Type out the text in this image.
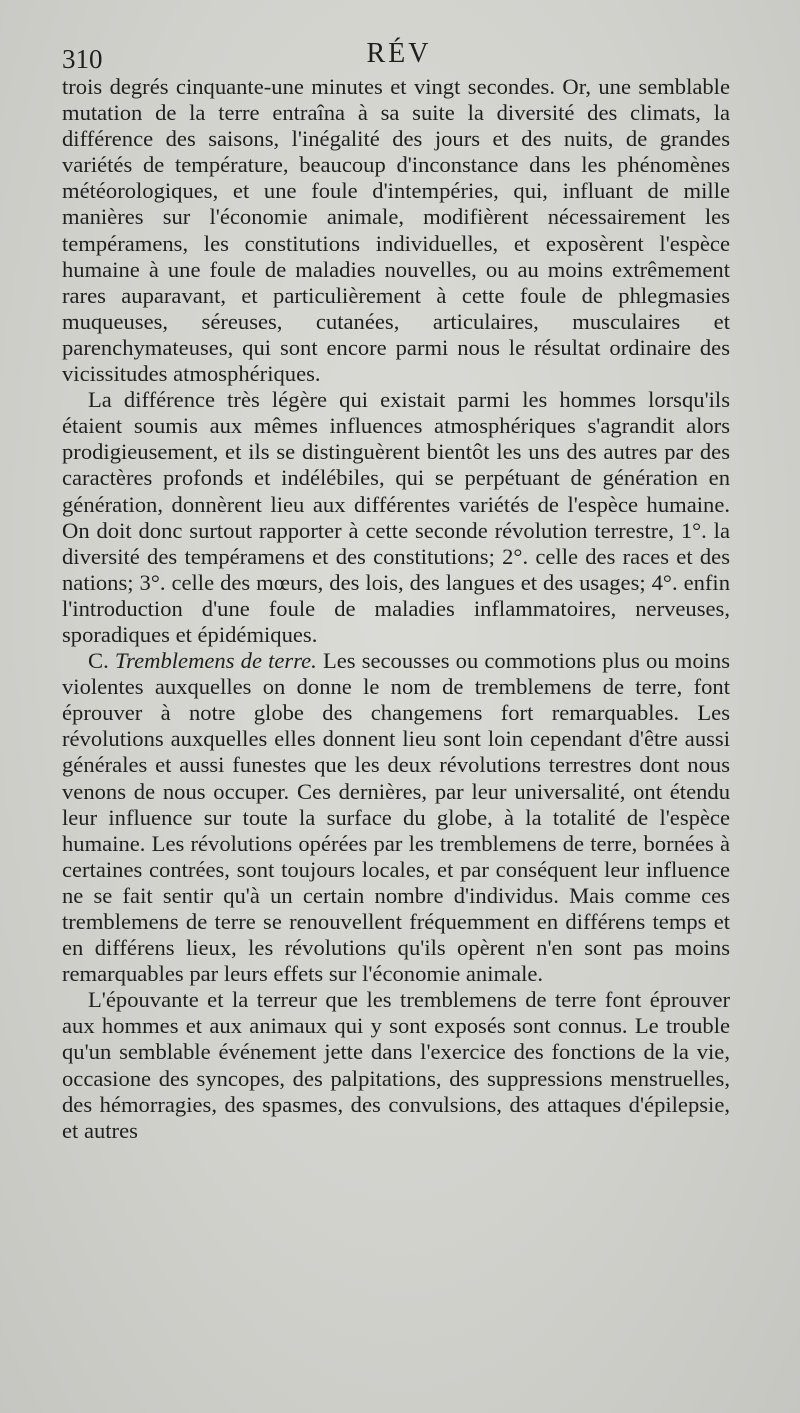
310	RÉV

trois degrés cinquante-une minutes et vingt secondes. Or, une semblable mutation de la terre entraîna à sa suite la diversité des climats, la différence des saisons, l'inégalité des jours et des nuits, de grandes variétés de température, beaucoup d'inconstance dans les phénomènes météorologiques, et une foule d'intempéries, qui, influant de mille manières sur l'économie animale, modifièrent nécessairement les tempéramens, les constitutions individuelles, et exposèrent l'espèce humaine à une foule de maladies nouvelles, ou au moins extrêmement rares auparavant, et particulièrement à cette foule de phlegmasies muqueuses, séreuses, cutanées, articulaires, musculaires et parenchymateuses, qui sont encore parmi nous le résultat ordinaire des vicissitudes atmosphériques.

La différence très légère qui existait parmi les hommes lorsqu'ils étaient soumis aux mêmes influences atmosphériques s'agrandit alors prodigieusement, et ils se distinguèrent bientôt les uns des autres par des caractères profonds et indélébiles, qui se perpétuant de génération en génération, donnèrent lieu aux différentes variétés de l'espèce humaine. On doit donc surtout rapporter à cette seconde révolution terrestre, 1°. la diversité des tempéramens et des constitutions; 2°. celle des races et des nations; 3°. celle des mœurs, des lois, des langues et des usages; 4°. enfin l'introduction d'une foule de maladies inflammatoires, nerveuses, sporadiques et épidémiques.

C. Tremblemens de terre. Les secousses ou commotions plus ou moins violentes auxquelles on donne le nom de tremblemens de terre, font éprouver à notre globe des changemens fort remarquables. Les révolutions auxquelles elles donnent lieu sont loin cependant d'être aussi générales et aussi funestes que les deux révolutions terrestres dont nous venons de nous occuper. Ces dernières, par leur universalité, ont étendu leur influence sur toute la surface du globe, à la totalité de l'espèce humaine. Les révolutions opérées par les tremblemens de terre, bornées à certaines contrées, sont toujours locales, et par conséquent leur influence ne se fait sentir qu'à un certain nombre d'individus. Mais comme ces tremblemens de terre se renouvellent fréquemment en différens temps et en différens lieux, les révolutions qu'ils opèrent n'en sont pas moins remarquables par leurs effets sur l'économie animale.

L'épouvante et la terreur que les tremblemens de terre font éprouver aux hommes et aux animaux qui y sont exposés sont connus. Le trouble qu'un semblable événement jette dans l'exercice des fonctions de la vie, occasione des syncopes, des palpitations, des suppressions menstruelles, des hémorragies, des spasmes, des convulsions, des attaques d'épilepsie, et autres
